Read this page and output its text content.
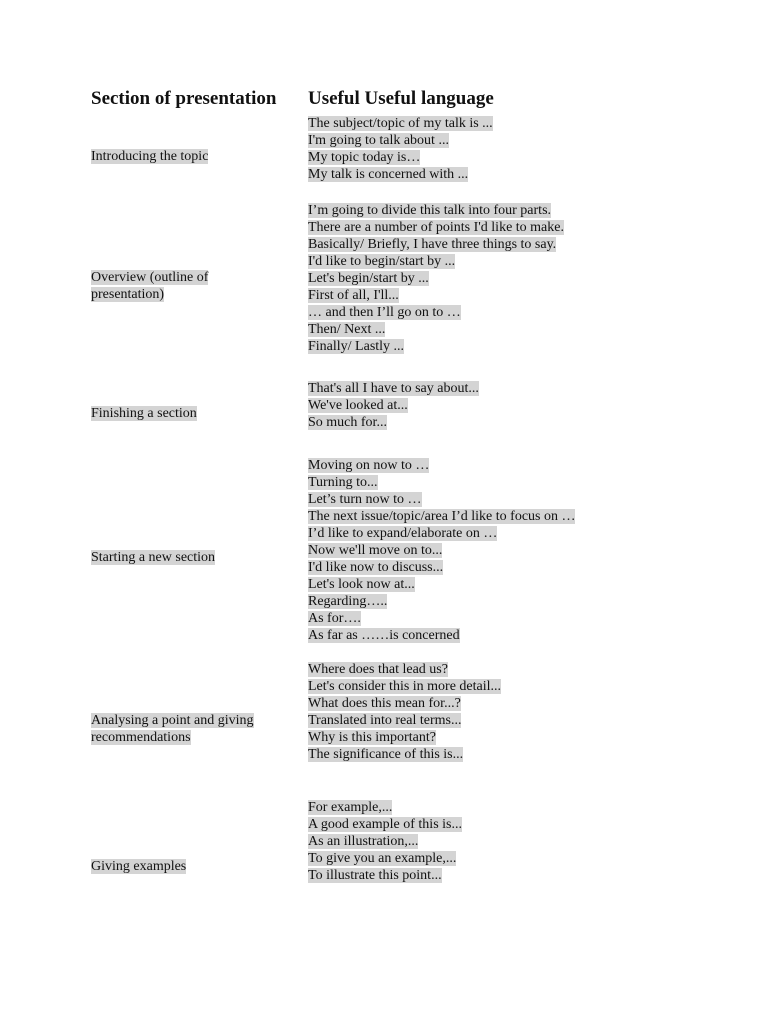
Section of presentation Useful Useful language
Introducing the topic
The subject/topic of my talk is ...
I'm going to talk about ...
My topic today is…
My talk is concerned with ...
Overview (outline of
presentation)
I’m going to divide this talk into four parts.
There are a number of points I'd like to make.
Basically/ Briefly, I have three things to say.
I'd like to begin/start by ...
Let's begin/start by ...
First of all, I'll...
… and then I’ll go on to …
Then/ Next ...
Finally/ Lastly ...
Finishing a section
That's all I have to say about...
We've looked at...
So much for...
Starting a new section
Moving on now to …
Turning to...
Let’s turn now to …
The next issue/topic/area I’d like to focus on …
I’d like to expand/elaborate on …
Now we'll move on to...
I'd like now to discuss...
Let's look now at...
Regarding…..
As for….
As far as ……is concerned
Analysing a point and giving
recommendations
Where does that lead us?
Let's consider this in more detail...
What does this mean for...?
Translated into real terms...
Why is this important?
The significance of this is...
Giving examples
For example,...
A good example of this is...
As an illustration,...
To give you an example,...
To illustrate this point...
